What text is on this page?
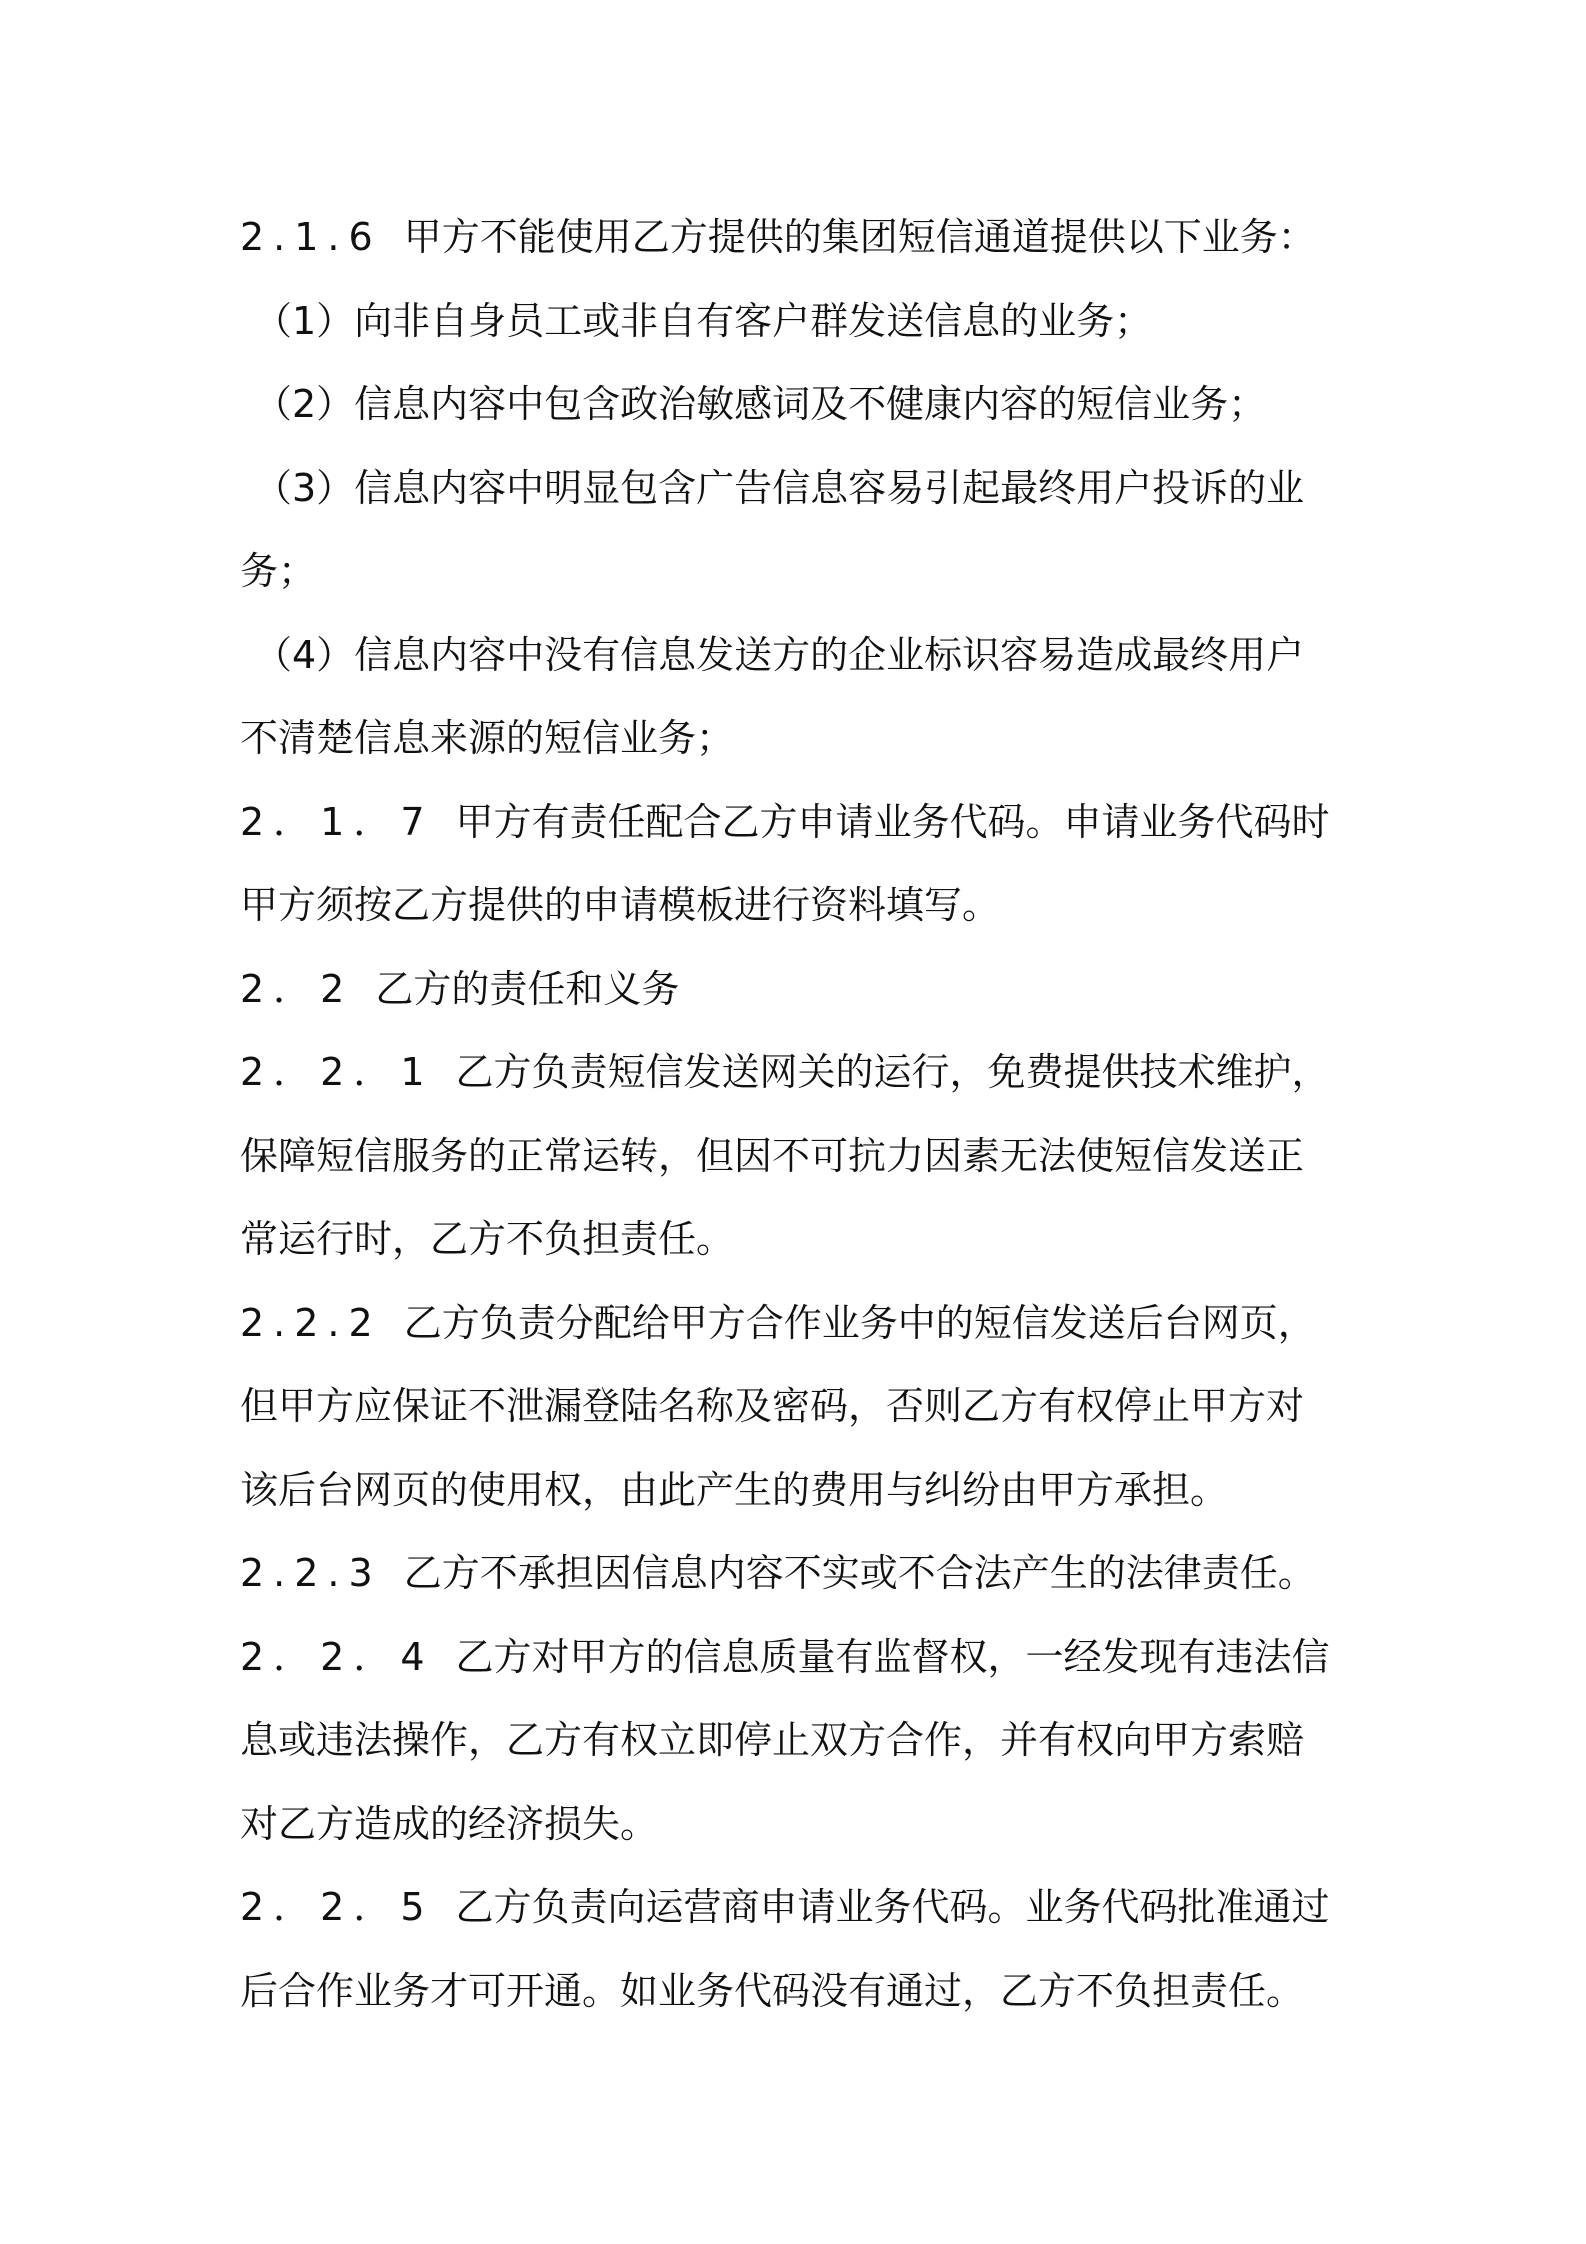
2.1.6 甲方不能使用乙方提供的集团短信通道提供以下业务：
（1）向非自身员工或非自有客户群发送信息的业务；
（2）信息内容中包含政治敏感词及不健康内容的短信业务；
（3）信息内容中明显包含广告信息容易引起最终用户投诉的业
务；
（4）信息内容中没有信息发送方的企业标识容易造成最终用户
不清楚信息来源的短信业务；
2．1．7 甲方有责任配合乙方申请业务代码。申请业务代码时
甲方须按乙方提供的申请模板进行资料填写。
2．2 乙方的责任和义务
2．2．1 乙方负责短信发送网关的运行，免费提供技术维护，
保障短信服务的正常运转，但因不可抗力因素无法使短信发送正
常运行时，乙方不负担责任。
2.2.2 乙方负责分配给甲方合作业务中的短信发送后台网页，
但甲方应保证不泄漏登陆名称及密码，否则乙方有权停止甲方对
该后台网页的使用权，由此产生的费用与纠纷由甲方承担。
2.2.3 乙方不承担因信息内容不实或不合法产生的法律责任。
2．2．4 乙方对甲方的信息质量有监督权，一经发现有违法信
息或违法操作，乙方有权立即停止双方合作，并有权向甲方索赔
对乙方造成的经济损失。
2．2．5 乙方负责向运营商申请业务代码。业务代码批准通过
后合作业务才可开通。如业务代码没有通过，乙方不负担责任。
